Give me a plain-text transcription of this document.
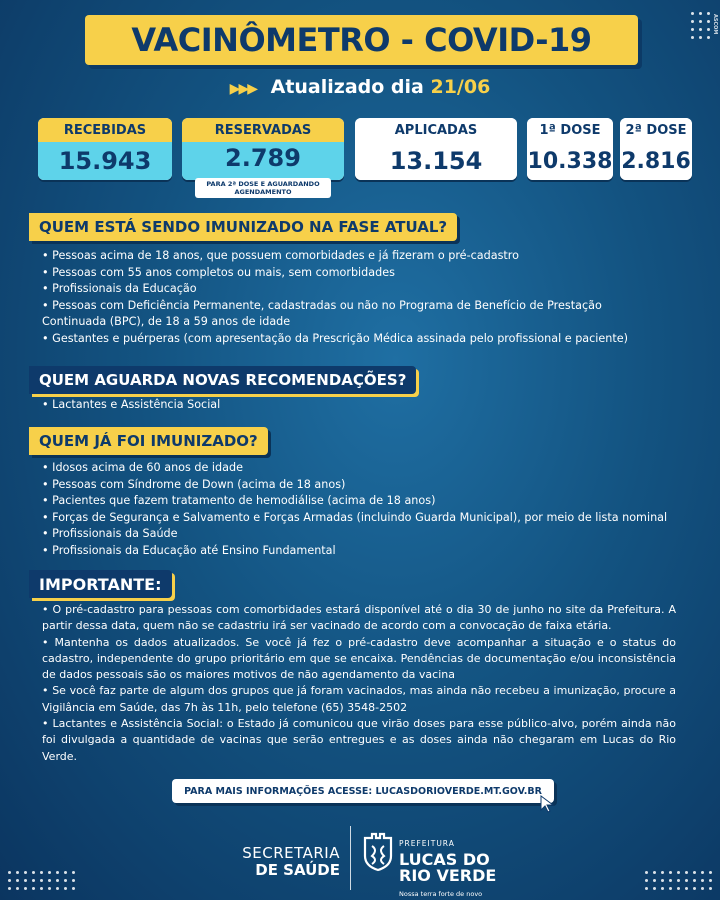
ASCOM
VACINÔMETRO - COVID-19
▶▶▶ Atualizado dia 21/06
RECEBIDAS
15.943
RESERVADAS
2.789
PARA 2ª DOSE E AGUARDANDO AGENDAMENTO
APLICADAS
13.154
1ª DOSE
10.338
2ª DOSE
2.816
QUEM ESTÁ SENDO IMUNIZADO NA FASE ATUAL?
• Pessoas acima de 18 anos, que possuem comorbidades e já fizeram o pré-cadastro
• Pessoas com 55 anos completos ou mais, sem comorbidades
• Profissionais da Educação
• Pessoas com Deficiência Permanente, cadastradas ou não no Programa de Benefício de Prestação
Continuada (BPC), de 18 a 59 anos de idade
• Gestantes e puérperas (com apresentação da Prescrição Médica assinada pelo profissional e paciente)
QUEM AGUARDA NOVAS RECOMENDAÇÕES?
• Lactantes e Assistência Social
QUEM JÁ FOI IMUNIZADO?
• Idosos acima de 60 anos de idade
• Pessoas com Síndrome de Down (acima de 18 anos)
• Pacientes que fazem tratamento de hemodiálise (acima de 18 anos)
• Forças de Segurança e Salvamento e Forças Armadas (incluindo Guarda Municipal), por meio de lista nominal
• Profissionais da Saúde
• Profissionais da Educação até Ensino Fundamental
IMPORTANTE:

• O pré-cadastro para pessoas com comorbidades estará disponível até o dia 30 de junho no site da Prefeitura. A partir dessa data, quem não se cadastriu irá ser vacinado de acordo com a convocação de faixa etária.

• Mantenha os dados atualizados. Se você já fez o pré-cadastro deve acompanhar a situação e o status do cadastro, independente do grupo prioritário em que se encaixa. Pendências de documentação e/ou inconsistência de dados pessoais são os maiores motivos de não agendamento da vacina

• Se você faz parte de algum dos grupos que já foram vacinados, mas ainda não recebeu a imunização, procure a Vigilância em Saúde, das 7h às 11h, pelo telefone (65) 3548-2502

• Lactantes e Assistência Social: o Estado já comunicou que virão doses para esse público-alvo, porém ainda não foi divulgada a quantidade de vacinas que serão entregues e as doses ainda não chegaram em Lucas do Rio Verde.

PARA MAIS INFORMAÇÕES ACESSE: LUCASDORIOVERDE.MT.GOV.BR
SECRETARIA
DE SAÚDE
PREFEITURA
LUCAS DO
RIO VERDE
Nossa terra forte de novo
